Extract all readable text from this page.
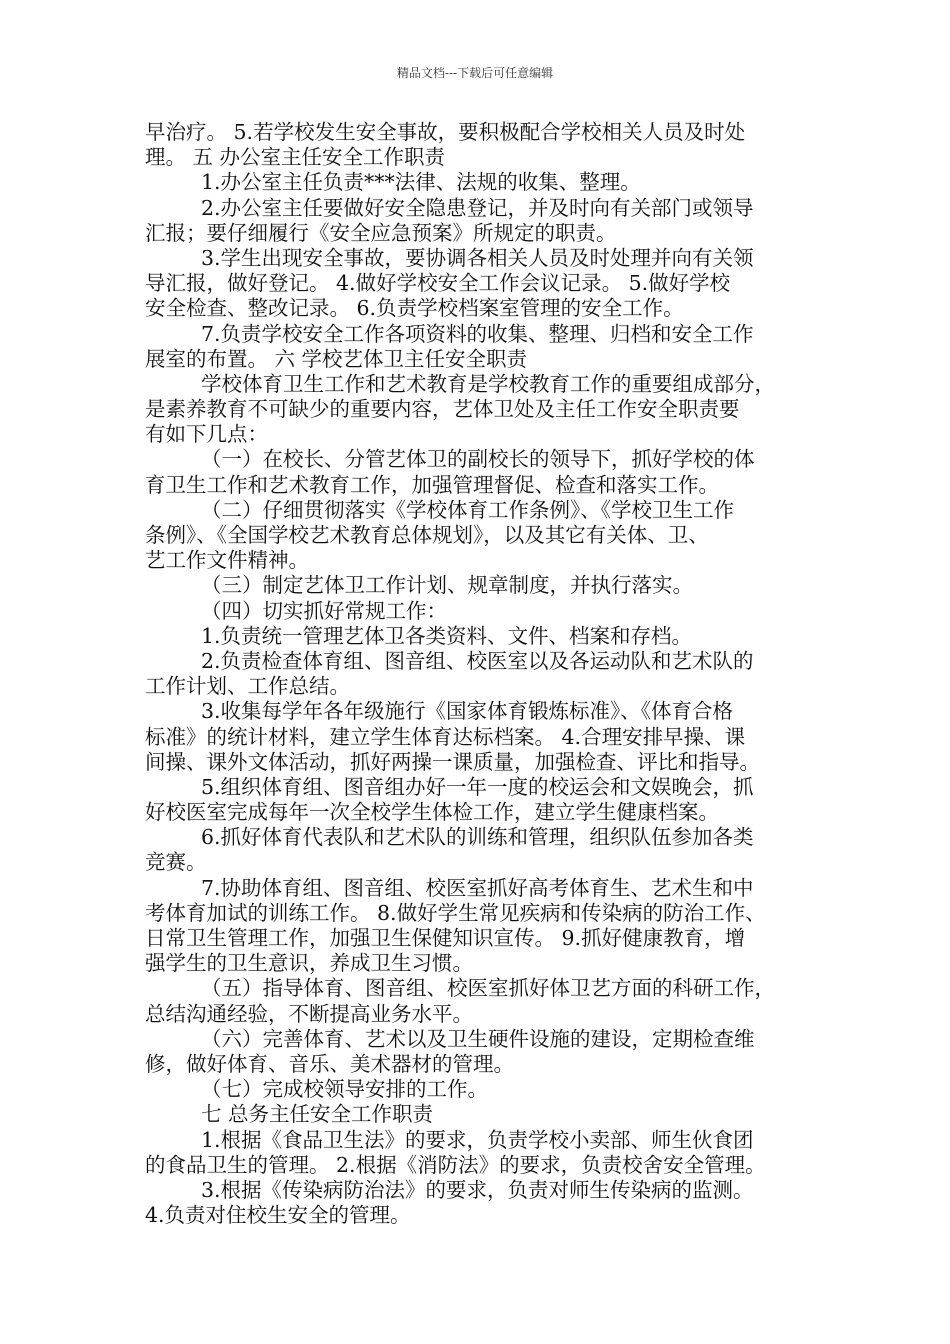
精品文档---下载后可任意编辑
早治疗。 5.若学校发生安全事故，要积极配合学校相关人员及时处
理。 五 办公室主任安全工作职责
1.办公室主任负责***法律、法规的收集、整理。
2.办公室主任要做好安全隐患登记，并及时向有关部门或领导
汇报；要仔细履行《安全应急预案》所规定的职责。
3.学生出现安全事故，要协调各相关人员及时处理并向有关领
导汇报，做好登记。 4.做好学校安全工作会议记录。 5.做好学校
安全检查、整改记录。 6.负责学校档案室管理的安全工作。
7.负责学校安全工作各项资料的收集、整理、归档和安全工作
展室的布置。 六 学校艺体卫主任安全职责
学校体育卫生工作和艺术教育是学校教育工作的重要组成部分，
是素养教育不可缺少的重要内容，艺体卫处及主任工作安全职责要
有如下几点：
（一）在校长、分管艺体卫的副校长的领导下，抓好学校的体
育卫生工作和艺术教育工作，加强管理督促、检查和落实工作。
（二）仔细贯彻落实《学校体育工作条例》、《学校卫生工作
条例》、《全国学校艺术教育总体规划》，以及其它有关体、卫、
艺工作文件精神。
（三）制定艺体卫工作计划、规章制度，并执行落实。
（四）切实抓好常规工作：
1.负责统一管理艺体卫各类资料、文件、档案和存档。
2.负责检查体育组、图音组、校医室以及各运动队和艺术队的
工作计划、工作总结。
3.收集每学年各年级施行《国家体育锻炼标准》、《体育合格
标准》的统计材料，建立学生体育达标档案。 4.合理安排早操、课
间操、课外文体活动，抓好两操一课质量，加强检查、评比和指导。
5.组织体育组、图音组办好一年一度的校运会和文娱晚会，抓
好校医室完成每年一次全校学生体检工作，建立学生健康档案。
6.抓好体育代表队和艺术队的训练和管理，组织队伍参加各类
竞赛。
7.协助体育组、图音组、校医室抓好高考体育生、艺术生和中
考体育加试的训练工作。 8.做好学生常见疾病和传染病的防治工作、
日常卫生管理工作，加强卫生保健知识宣传。 9.抓好健康教育，增
强学生的卫生意识，养成卫生习惯。
（五）指导体育、图音组、校医室抓好体卫艺方面的科研工作，
总结沟通经验，不断提高业务水平。
（六）完善体育、艺术以及卫生硬件设施的建设，定期检查维
修，做好体育、音乐、美术器材的管理。
（七）完成校领导安排的工作。
七 总务主任安全工作职责
1.根据《食品卫生法》的要求，负责学校小卖部、师生伙食团
的食品卫生的管理。 2.根据《消防法》的要求，负责校舍安全管理。
3.根据《传染病防治法》的要求，负责对师生传染病的监测。
4.负责对住校生安全的管理。
